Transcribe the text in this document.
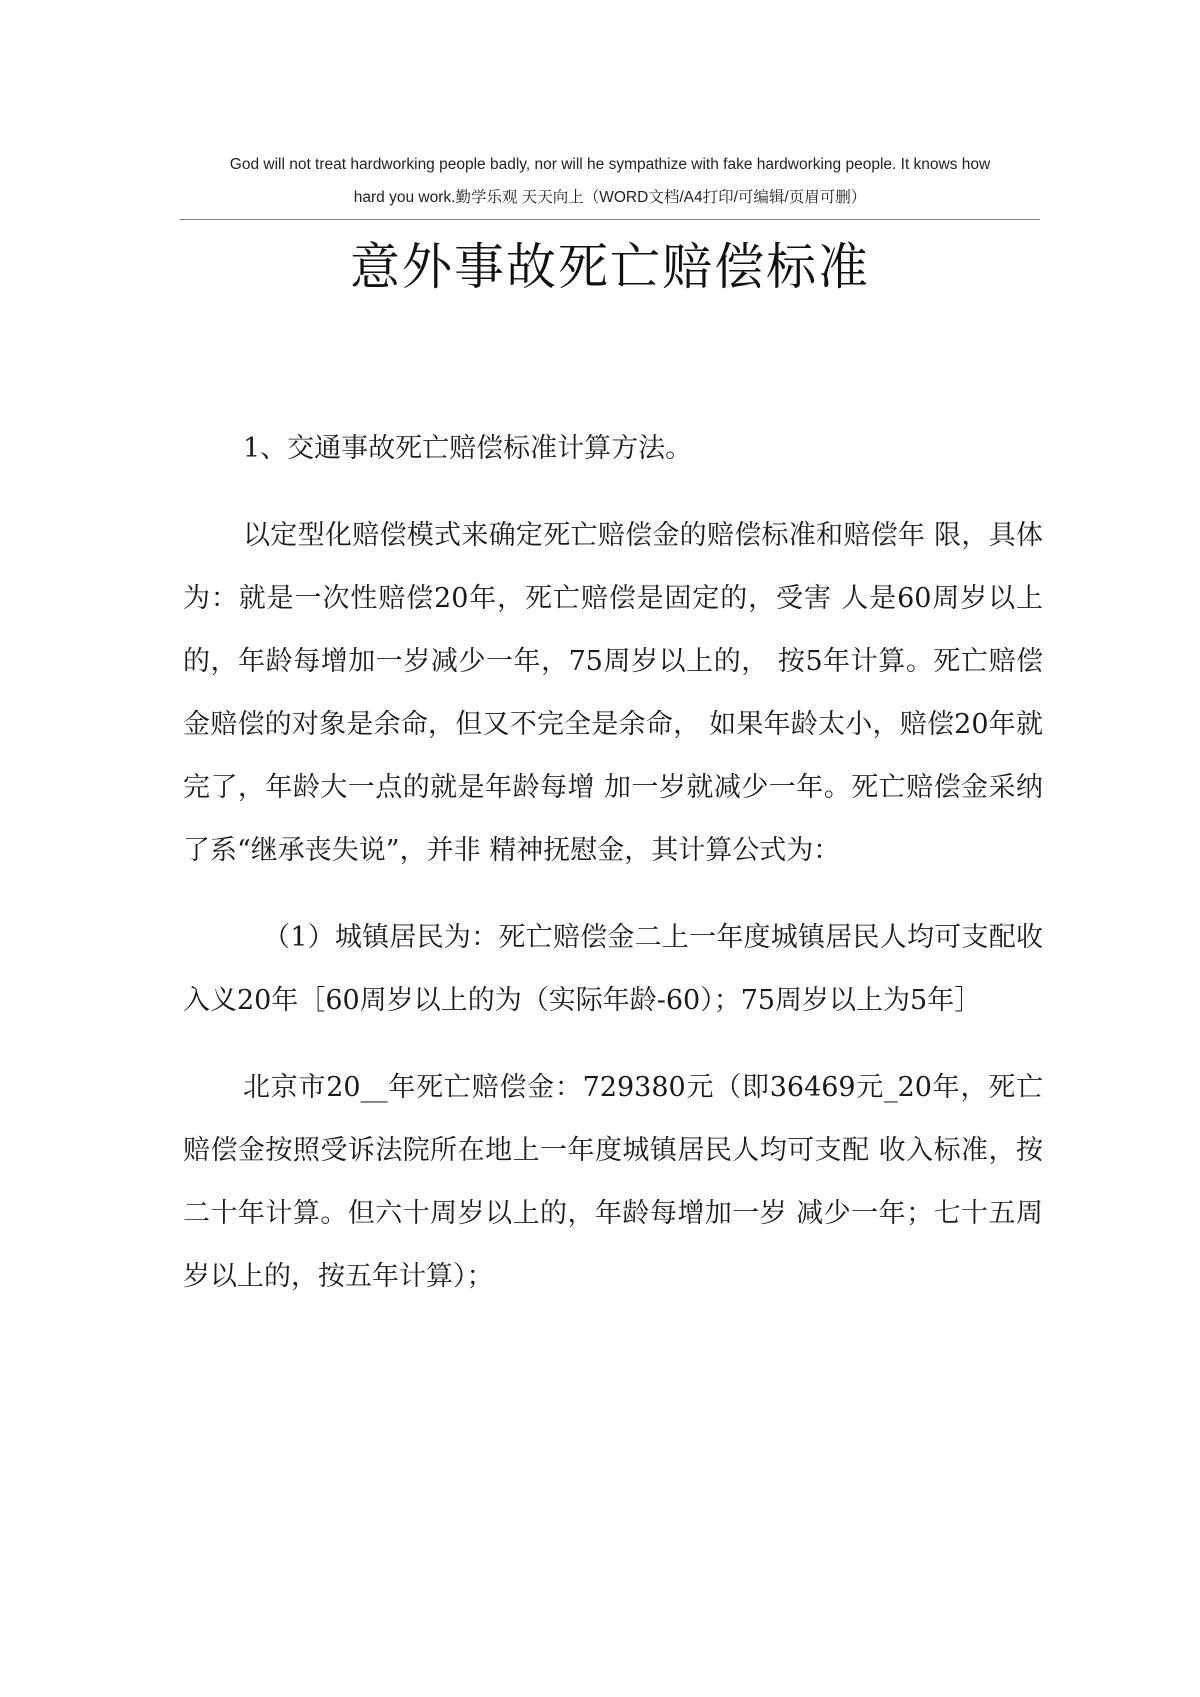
God will not treat hardworking people badly, nor will he sympathize with fake hardworking people. It knows how
hard you work.勤学乐观 天天向上（WORD文档/A4打印/可编辑/页眉可删）
意外事故死亡赔偿标准

1、交通事故死亡赔偿标准计算方法。

以定型化赔偿模式来确定死亡赔偿金的赔偿标准和赔偿年 限，具体为：就是一次性赔偿20年，死亡赔偿是固定的，受害 人是60周岁以上的，年龄每增加一岁减少一年，75周岁以上的， 按5年计算。死亡赔偿金赔偿的对象是余命，但又不完全是余命， 如果年龄太小，赔偿20年就完了，年龄大一点的就是年龄每增 加一岁就减少一年。死亡赔偿金采纳了系“继承丧失说”，并非 精神抚慰金，其计算公式为：

（1）城镇居民为：死亡赔偿金二上一年度城镇居民人均可支配收入义20年［60周岁以上的为（实际年龄-60）；75周岁以上为5年］

北京市20__年死亡赔偿金：729380元（即36469元_20年，死亡赔偿金按照受诉法院所在地上一年度城镇居民人均可支配 收入标准，按二十年计算。但六十周岁以上的，年龄每增加一岁 减少一年；七十五周岁以上的，按五年计算）；
